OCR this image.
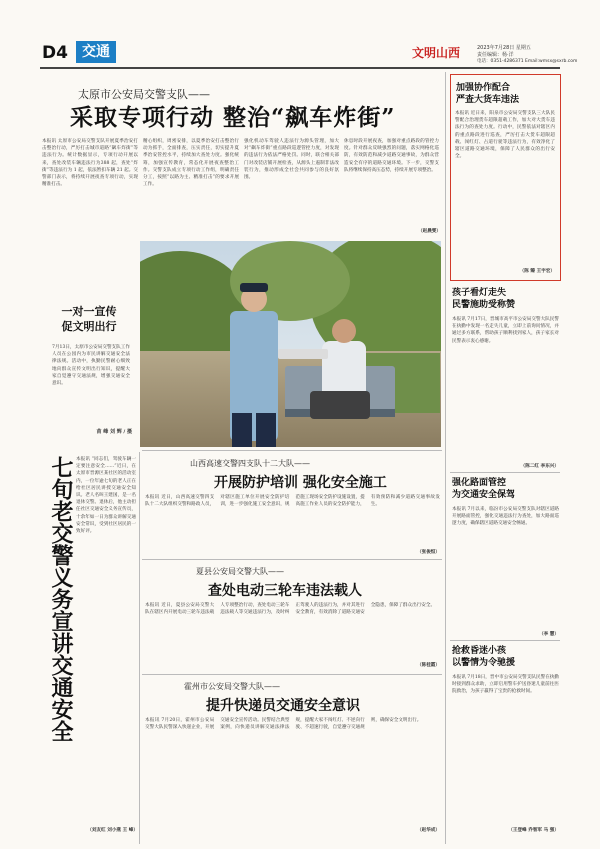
D4	交通	文明山西	2023年7月28日 星期五
责任编辑：杨·洋
电话：0351-4286371 Email:wmsx@sxrb.com
太原市公安局交警支队——
采取专项行动 整治“飙车炸街”
本报讯 太原市公安局交警支队开展夏季治安打击整治行动，严厉打击城市道路“飙车炸街”等违法行为。统计数据显示，专项行动开展以来，查处改装车辆违法行为388 起，查处“炸街”等违法行为 1 起，依法暂扣车辆 21 起。交警部门表示，将持续开展夜查专项行动，实现精准打击。
精心组织，周密安排，以夏季治安打击整治行动为抓手，全面排查，压实责任，切实提升夏季治安管控水平，持续加大查处力度。强化统筹，加强宣传教育，常态化开展夜查整治工作。交警支队成立专项行动工作组，明确责任分工，按照“以路为主、精准打击”的要求开展工作。
强化机动车驾驶人违法行为源头管理，加大对“飙车炸街”重点路段巡逻管控力度，对发现的违法行为依法严格处罚。同时，联合相关部门对改装店铺开展检查，从源头上遏制非法改装行为，推动形成全社会共同参与的良好氛围。
休息时段开展夜查，加强对重点路段的管控力度。针对群众反映强烈的问题，落实网格化巡防，有效防范和减少道路交通事故，为群众营造安全有序的道路交通环境。下一步，交警支队将继续保持高压态势，持续开展专项整治。
（赵晨雯）
一对一宣传
促文明出行
7月13日，太原市公安局交警支队工作人员在公园内为市民讲解交通安全法律法规。活动中，执勤民警耐心细致地向群众宣传文明出行知识，提醒大家自觉遵守交通法规，增强交通安全意识。
苗 峰 刘 辉 / 摄
七旬老交警义务宣讲交通安全 本报讯 “同志们，驾驶车辆一定要注意安全……”近日，在太原市晋源区某社区的活动室内，一位年逾七旬的老人正在给社区居民讲授交通安全知识。老人名叫王建国，是一名退休交警。退休后，他主动担任社区交通安全义务宣传员，十余年如一日为群众讲解交通安全常识，受到社区居民的一致好评。
（刘友红 刘小燕 王 峰）
山西高速交警四支队十二大队——
开展防护培训 强化安全施工
本报讯 近日，山西高速交警四支队十二大队组织交警和路政人员，对辖区施工单位开展安全防护培训，进一步强化施工安全意识，规范施工现场安全防护设施设置，提高施工作业人员的安全防护能力，有效预防和减少道路交通事故发生。
（张俊恒）
夏县公安局交警大队——
查处电动三轮车违法载人
本报讯 近日，夏县公安局交警大队在辖区内开展电动三轮车违法载人专项整治行动，查处电动三轮车违法载人等交通违法行为，及时纠正驾驶人的违法行为，并对其进行安全教育，有效消除了道路交通安全隐患，保障了群众出行安全。
（陈桂霞）
霍州市公安局交警大队——
提升快递员交通安全意识
本报讯 7月20日，霍州市公安局交警大队民警深入快递企业，开展交通安全宣传活动。民警结合典型案例，向快递员讲解交通法律法规，提醒大家不闯红灯、不逆向行驶、不超速行驶，自觉遵守交通规则，确保安全文明出行。
（赵华成）
加强协作配合
严查大货车违法
本报讯 近日来，阳泉市公安局交警支队三大队民警配合治理货车超限超载工作，加大对大货车违法行为的查处力度。行动中，民警依法对辖区内的重点路段进行巡查，严厉打击大货车超限超载、闯红灯、占道行驶等违法行为，有效净化了辖区道路交通环境，保障了人民群众的出行安全。
（陈 臻 王宇宏）
孩子看灯走失
民警施助受称赞
本报讯 7月17日，晋城市高平市公安局交警大队民警在执勤中发现一名走失儿童，立即上前询问情况，并通过多方联系，帮助孩子顺利找到家人，孩子家长对民警表示衷心感谢。
（陈二红 李东兴）
强化路面管控
为交通安全保驾
本报讯 7月以来，临汾市公安局交警支队对辖区道路开展路面管控，强化交通违法行为查处，加大路面巡逻力度，确保辖区道路交通安全畅通。
（李 慧）
抢救昏迷小孩
以警情为令驰援
本报讯 7月18日，晋中市公安局交警支队民警在执勤时接到群众求助，立即启用警车护送昏迷儿童前往医院救治，为孩子赢得了宝贵的抢救时间。
（王登峰 乔智军 马 强）
